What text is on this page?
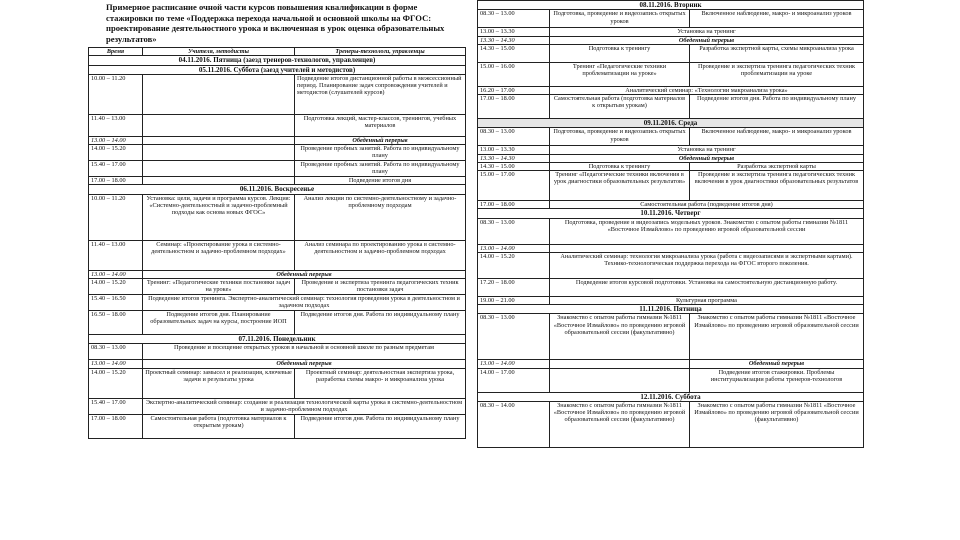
Примерное расписание очной части курсов повышения квалификации в форме стажировки по теме «Поддержка перехода начальной и основной школы на ФГОС: проектирование деятельностного урока и включенная в урок оценка образовательных результатов»
Время	Учителя, методисты	Тренеры-технологи, управленцы
04.11.2016. Пятница (заезд тренеров-технологов, управленцев)		
05.11.2016. Суббота (заезд учителей и методистов)		
10.00 – 11.20		Подведение итогов дистанционной работы в межсессионный период. Планирование задач сопровождения учителей и методистов (слушателей курсов)
11.40 – 13.00		Подготовка лекций, мастер-классов, тренингов, учебных материалов
13.00 – 14.00		Обеденный перерыв
14.00 – 15.20		Проведение пробных занятий. Работа по индивидуальному плану
15.40 – 17.00		Проведение пробных занятий. Работа по индивидуальному плану
17.00 – 18.00		Подведение итогов дня
06.11.2016. Воскресенье		
10.00 – 11.20	Установка: цели, задачи и программа курсов. Лекция: «Системно-деятельностный и задачно-проблемный подходы как основа новых ФГОС»	Анализ лекции по системно-деятельностному и задачно-проблемному подходам
11.40 – 13.00	Семинар: «Проектирование урока в системно-деятельностном и задачно-проблемном подходах»	Анализ семинара по проектированию урока в системно-деятельностном и задачно-проблемном подходах
13.00 – 14.00	Обеденный перерыв	
14.00 – 15.20	Тренинг: «Педагогические техники постановки задач на уроке»	Проведение и экспертиза тренинга педагогических техник постановки задач
15.40 – 16.50	Подведение итогов тренинга. Экспертно-аналитический семинар: технология проведения урока в деятельностном и задачном подходах	
16.50 – 18.00	Подведение итогов дня. Планирование образовательных задач на курсы, построение ИОП	Подведение итогов дня. Работа по индивидуальному плану
07.11.2016. Понедельник		
08.30 – 13.00	Проведение и посещение открытых уроков в начальной и основной школе по разным предметам	
13.00 – 14.00	Обеденный перерыв	
14.00 – 15.20	Проектный семинар: замысел и реализация, ключевые задачи и результаты урока	Проектный семинар: деятельностная экспертиза урока, разработка схемы макро- и микроанализа урока
15.40 – 17.00	Экспертно-аналитический семинар: создание и реализация технологической карты урока в системно-деятельностном и задачно-проблемном подходах	
17.00 – 18.00	Самостоятельная работа (подготовка материалов к открытым урокам)	Подведение итогов дня. Работа по индивидуальному плану
08.11.2016. Вторник		
08.30 – 13.00	Подготовка, проведение и видеозапись открытых уроков	Включенное наблюдение, макро- и микроанализ уроков
13.00 – 13.30	Установка на тренинг	
13.30 – 14.30	Обеденный перерыв	
14.30 – 15.00	Подготовка к тренингу	Разработка экспертной карты, схемы микроанализа урока
15.00 – 16.00	Тренинг «Педагогические техники проблематизации на уроке»	Проведение и экспертиза тренинга педагогических техник проблематизации на уроке
16.20 – 17.00	Аналитический семинар: «Технологии макроанализа урока»	
17.00 – 18.00	Самостоятельная работа (подготовка материалов к открытым урокам)	Подведение итогов дня. Работа по индивидуальному плану
09.11.2016. Среда		
08.30 – 13.00	Подготовка, проведение и видеозапись открытых уроков	Включенное наблюдение, макро- и микроанализ уроков
13.00 – 13.30	Установка на тренинг	
13.30 – 14.30	Обеденный перерыв	
14.30 – 15.00	Подготовка к тренингу	Разработка экспертной карты
15.00 – 17.00	Тренинг «Педагогические техники включения в урок диагностики образовательных результатов»	Проведение и экспертиза тренинга педагогических техник включения в урок диагностики образовательных результатов
17.00 – 18.00	Самостоятельная работа (подведение итогов дня)	
10.11.2016. Четверг		
08.30 – 13.00	Подготовка, проведение и видеозапись модельных уроков. Знакомство с опытом работы гимназии №1811 «Восточное Измайлово» по проведению игровой образовательной сессии	
13.00 – 14.00		
14.00 – 15.20	Аналитический семинар: технология микроанализа урока (работа с видеозаписями и экспертными картами). Технико-технологическая поддержка перехода на ФГОС второго поколения.	
17.20 – 18.00	Подведение итогов курсовой подготовки. Установка на самостоятельную дистанционную работу.	
19.00 – 21.00	Культурная программа	
11.11.2016. Пятница		
08.30 – 13.00	Знакомство с опытом работы гимназии №1811 «Восточное Измайлово» по проведению игровой образовательной сессии (факультативно)	Знакомство с опытом работы гимназии №1811 «Восточное Измайлово» по проведению игровой образовательной сессии
13.00 – 14.00		Обеденный перерыв
14.00 – 17.00		Подведение итогов стажировки. Проблемы институциализации работы тренеров-технологов
12.11.2016. Суббота		
08.30 – 14.00	Знакомство с опытом работы гимназии №1811 «Восточное Измайлово» по проведению игровой образовательной сессии (факультативно)	Знакомство с опытом работы гимназии №1811 «Восточное Измайлово» по проведению игровой образовательной сессии (факультативно)
